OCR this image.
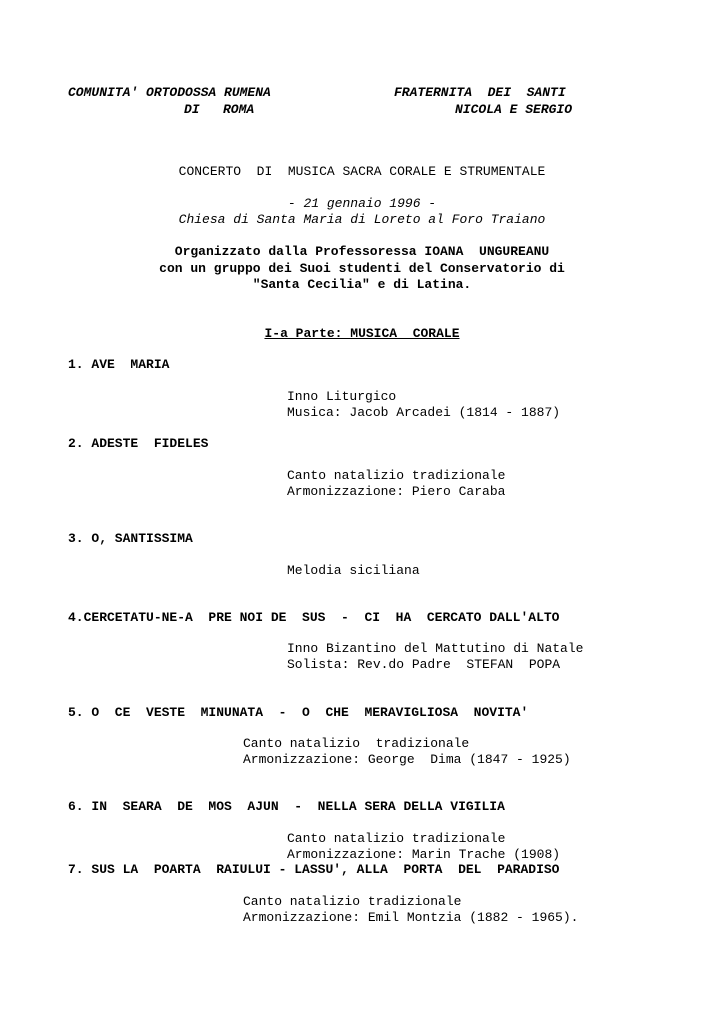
COMUNITA' ORTODOSSA RUMENA
DI   ROMA
FRATERNITA  DEI  SANTI
NICOLA E SERGIO
CONCERTO  DI  MUSICA SACRA CORALE E STRUMENTALE
- 21 gennaio 1996 -
Chiesa di Santa Maria di Loreto al Foro Traiano
Organizzato dalla Professoressa IOANA  UNGUREANU
con un gruppo dei Suoi studenti del Conservatorio di
"Santa Cecilia" e di Latina.
I-a Parte: MUSICA  CORALE
1. AVE  MARIA
Inno Liturgico
Musica: Jacob Arcadei (1814 - 1887)
2. ADESTE  FIDELES
Canto natalizio tradizionale
Armonizzazione: Piero Caraba
3. O, SANTISSIMA
Melodia siciliana
4.CERCETATU-NE-A  PRE NOI DE  SUS  -  CI  HA  CERCATO DALL'ALTO
Inno Bizantino del Mattutino di Natale
Solista: Rev.do Padre  STEFAN  POPA
5. O  CE  VESTE  MINUNATA  -  O  CHE  MERAVIGLIOSA  NOVITA'
Canto natalizio  tradizionale
Armonizzazione: George  Dima (1847 - 1925)
6. IN  SEARA  DE  MOS  AJUN  -  NELLA SERA DELLA VIGILIA
Canto natalizio tradizionale
Armonizzazione: Marin Trache (1908)
7. SUS LA  POARTA  RAIULUI - LASSU', ALLA  PORTA  DEL  PARADISO
Canto natalizio tradizionale
Armonizzazione: Emil Montzia (1882 - 1965).
